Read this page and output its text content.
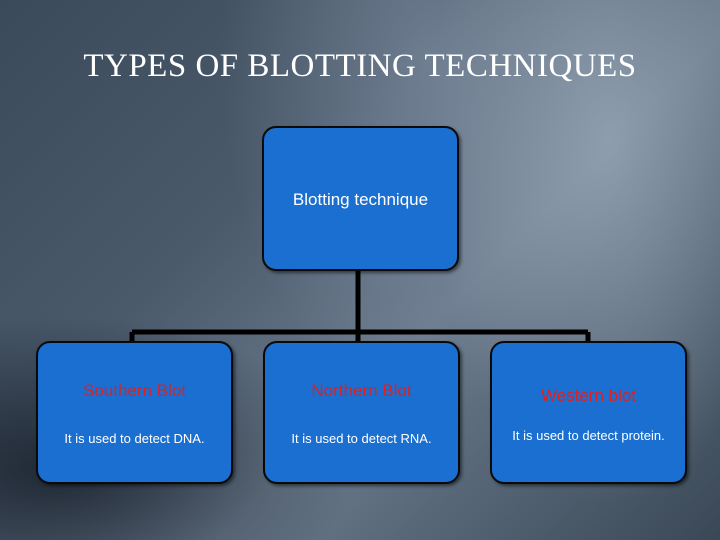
TYPES OF BLOTTING TECHNIQUES
Blotting technique
Southern Blot
It is used to detect DNA.
Northern Blot
It is used to detect RNA.
Western blot
It is used to detect protein.
